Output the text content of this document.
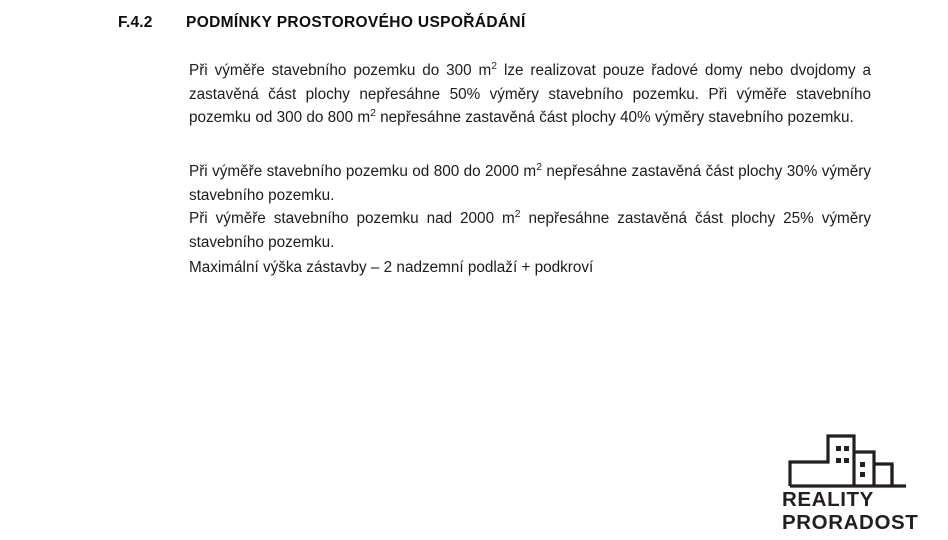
F.4.2	PODMÍNKY PROSTOROVÉHO USPOŘÁDÁNÍ

Při výměře stavebního pozemku do 300 $m^2$ lze realizovat pouze řadové domy nebo dvojdomy a zastavěná část plochy nepřesáhne 50% výměry stavebního pozemku. Při výměře stavebního pozemku od 300 do 800 $m^2$ nepřesáhne zastavěná část plochy 40% výměry stavebního pozemku.

Při výměře stavebního pozemku od 800 do 2000 $m^2$ nepřesáhne zastavěná část plochy 30% výměry stavebního pozemku.

Při výměře stavebního pozemku nad 2000 $m^2$ nepřesáhne zastavěná část plochy 25% výměry stavebního pozemku.

Maximální výška zástavby – 2 nadzemní podlaží + podkroví

REALITY
PRORADOST
